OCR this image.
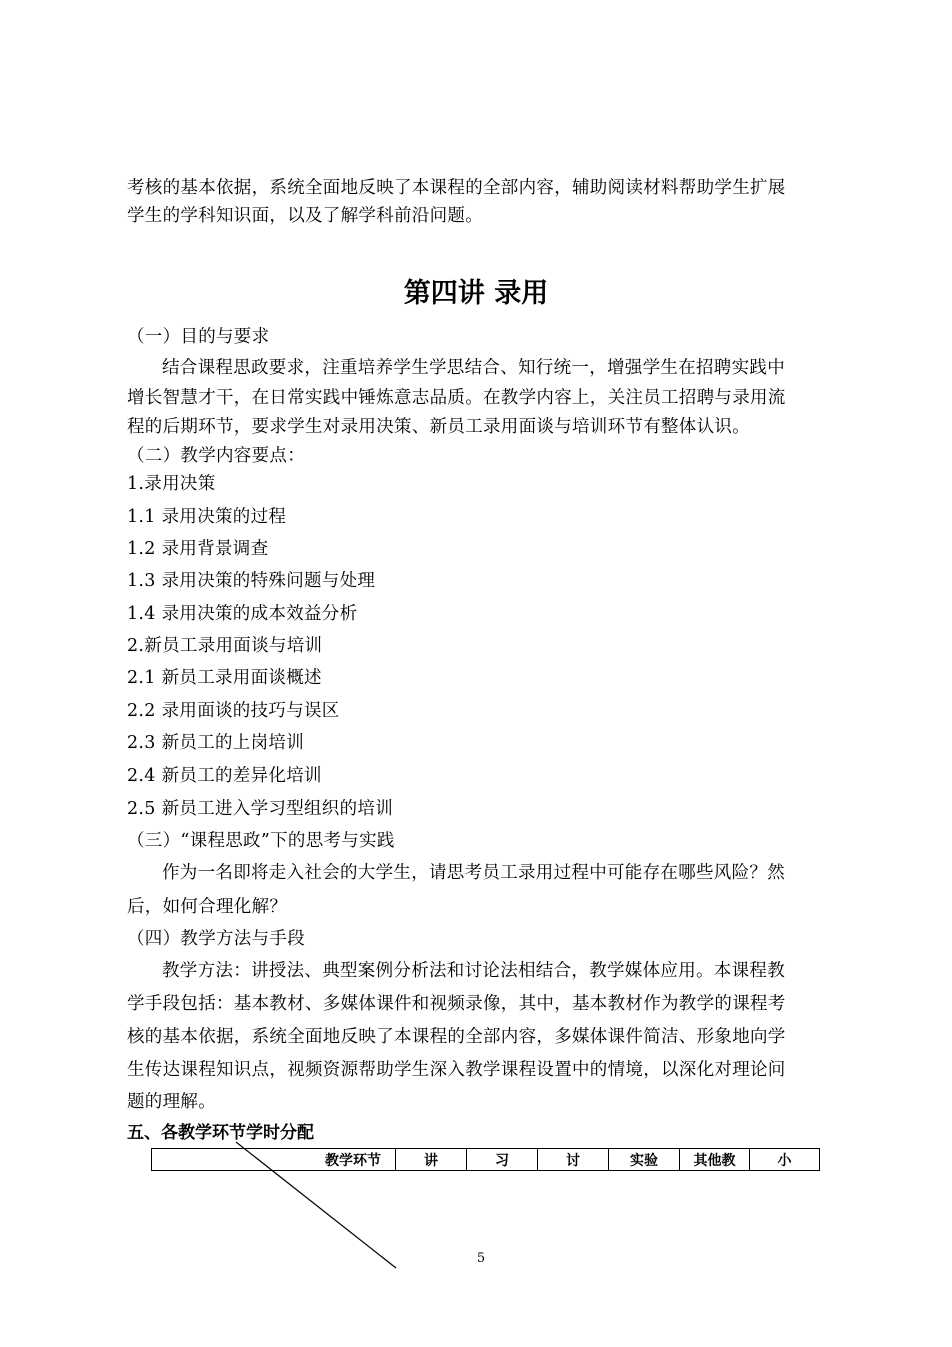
考核的基本依据，系统全面地反映了本课程的全部内容，辅助阅读材料帮助学生扩展
学生的学科知识面，以及了解学科前沿问题。
第四讲 录用
（一）目的与要求
结合课程思政要求，注重培养学生学思结合、知行统一，增强学生在招聘实践中
增长智慧才干，在日常实践中锤炼意志品质。在教学内容上，关注员工招聘与录用流
程的后期环节，要求学生对录用决策、新员工录用面谈与培训环节有整体认识。
（二）教学内容要点：
1.录用决策
1.1 录用决策的过程
1.2 录用背景调查
1.3 录用决策的特殊问题与处理
1.4 录用决策的成本效益分析
2.新员工录用面谈与培训
2.1 新员工录用面谈概述
2.2 录用面谈的技巧与误区
2.3 新员工的上岗培训
2.4 新员工的差异化培训
2.5 新员工进入学习型组织的培训
（三）“课程思政”下的思考与实践
作为一名即将走入社会的大学生，请思考员工录用过程中可能存在哪些风险？然
后，如何合理化解？
（四）教学方法与手段
教学方法：讲授法、典型案例分析法和讨论法相结合，教学媒体应用。本课程教
学手段包括：基本教材、多媒体课件和视频录像，其中，基本教材作为教学的课程考
核的基本依据，系统全面地反映了本课程的全部内容，多媒体课件简洁、形象地向学
生传达课程知识点，视频资源帮助学生深入教学课程设置中的情境，以深化对理论问
题的理解。
五、各教学环节学时分配
教学环节	讲	习	讨	实验	其他教	小
5
